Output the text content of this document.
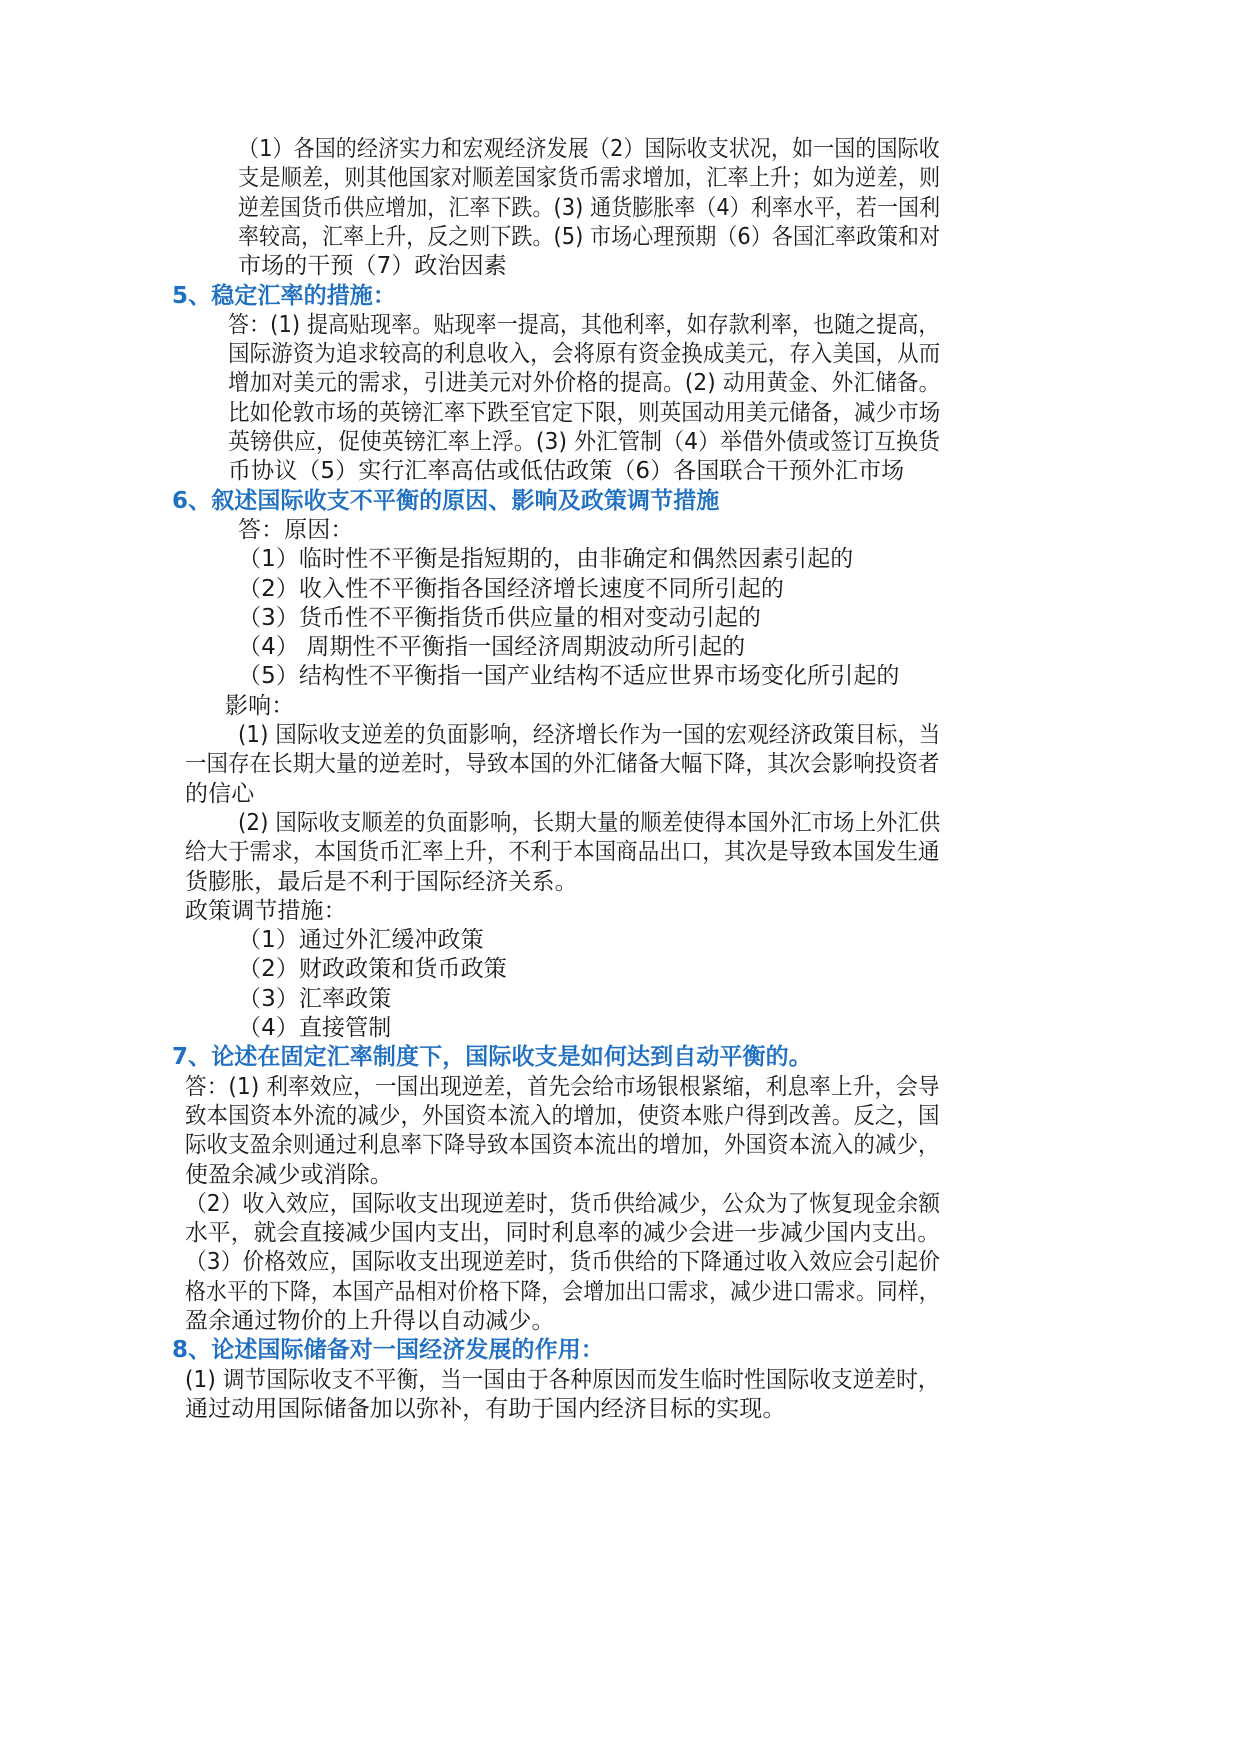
（1）各国的经济实力和宏观经济发展（2）国际收支状况，如一国的国际收
支是顺差，则其他国家对顺差国家货币需求增加，汇率上升；如为逆差，则
逆差国货币供应增加，汇率下跌。(3) 通货膨胀率（4）利率水平，若一国利
率较高，汇率上升，反之则下跌。(5) 市场心理预期（6）各国汇率政策和对
市场的干预（7）政治因素
5、稳定汇率的措施：
答：(1) 提高贴现率。贴现率一提高，其他利率，如存款利率，也随之提高，
国际游资为追求较高的利息收入，会将原有资金换成美元，存入美国，从而
增加对美元的需求，引进美元对外价格的提高。(2) 动用黄金、外汇储备。
比如伦敦市场的英镑汇率下跌至官定下限，则英国动用美元储备，减少市场
英镑供应，促使英镑汇率上浮。(3) 外汇管制（4）举借外债或签订互换货
币协议（5）实行汇率高估或低估政策（6）各国联合干预外汇市场
6、叙述国际收支不平衡的原因、影响及政策调节措施
答：原因：
（1）临时性不平衡是指短期的，由非确定和偶然因素引起的
（2）收入性不平衡指各国经济增长速度不同所引起的
（3）货币性不平衡指货币供应量的相对变动引起的
（4） 周期性不平衡指一国经济周期波动所引起的
（5）结构性不平衡指一国产业结构不适应世界市场变化所引起的
影响：
(1) 国际收支逆差的负面影响，经济增长作为一国的宏观经济政策目标，当
一国存在长期大量的逆差时，导致本国的外汇储备大幅下降，其次会影响投资者
的信心
(2) 国际收支顺差的负面影响，长期大量的顺差使得本国外汇市场上外汇供
给大于需求，本国货币汇率上升，不利于本国商品出口，其次是导致本国发生通
货膨胀，最后是不利于国际经济关系。
政策调节措施：
（1）通过外汇缓冲政策
（2）财政政策和货币政策
（3）汇率政策
（4）直接管制
7、论述在固定汇率制度下，国际收支是如何达到自动平衡的。
答：(1) 利率效应，一国出现逆差，首先会给市场银根紧缩，利息率上升，会导
致本国资本外流的减少，外国资本流入的增加，使资本账户得到改善。反之，国
际收支盈余则通过利息率下降导致本国资本流出的增加，外国资本流入的减少，
使盈余减少或消除。
（2）收入效应，国际收支出现逆差时，货币供给减少，公众为了恢复现金余额
水平，就会直接减少国内支出，同时利息率的减少会进一步减少国内支出。
（3）价格效应，国际收支出现逆差时，货币供给的下降通过收入效应会引起价
格水平的下降，本国产品相对价格下降，会增加出口需求，减少进口需求。同样，
盈余通过物价的上升得以自动减少。
8、论述国际储备对一国经济发展的作用：
(1) 调节国际收支不平衡，当一国由于各种原因而发生临时性国际收支逆差时，
通过动用国际储备加以弥补，有助于国内经济目标的实现。
